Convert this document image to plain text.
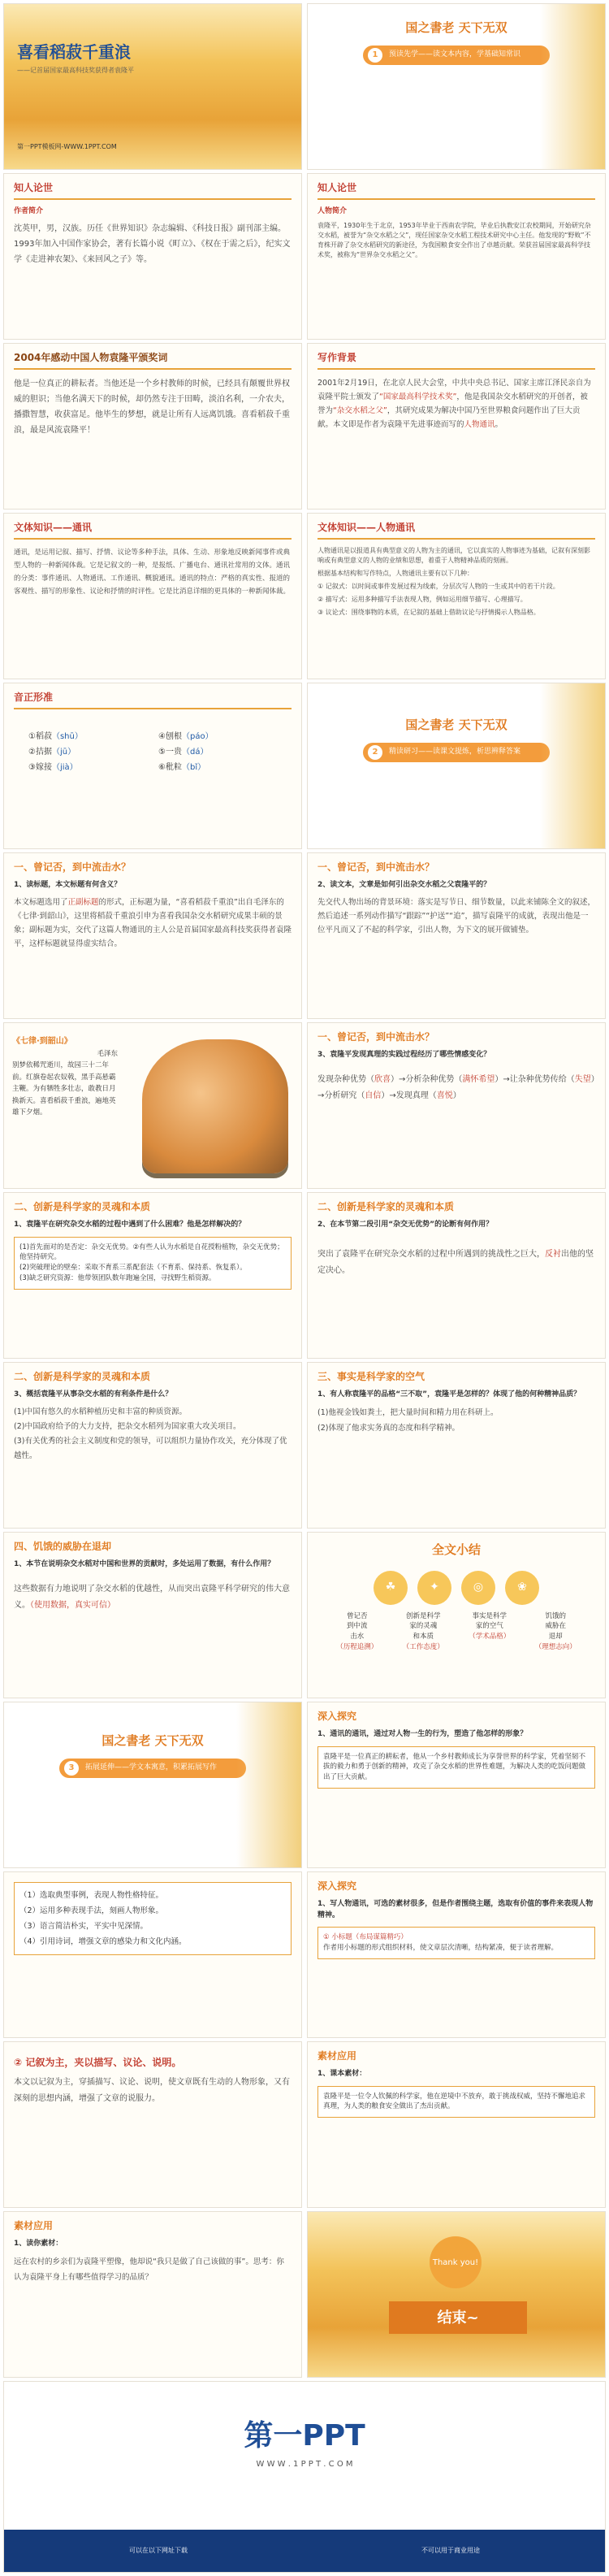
喜看稻菽千重浪
——记首届国家最高科技奖获得者袁隆平
第一PPT模板网-WWW.1PPT.COM
国之書老 天下无双
1	预读先学——读文本内容，学基础知常识
知人论世
作者简介
沈英甲，男，汉族。历任《世界知识》杂志编辑、《科技日报》副刊部主编。1993年加入中国作家协会，著有长篇小说《町立》、《权在于需之后》，纪实文学《走进神农架》、《来回风之子》等。
知人论世
人物简介
袁隆平，1930年生于北京，1953年毕业于西南农学院，毕业后执教安江农校期间，开始研究杂交水稻，被誉为“杂交水稻之父”，现任国家杂交水稻工程技术研究中心主任。他发现的“野败”不育株开辟了杂交水稻研究的新途径，为我国粮食安全作出了卓越贡献。荣获首届国家最高科学技术奖，被称为“世界杂交水稻之父”。
2004年感动中国人物袁隆平颁奖词
他是一位真正的耕耘者。当他还是一个乡村教师的时候，已经具有颠覆世界权威的胆识；当他名满天下的时候，却仍然专注于田畴，淡泊名利，一介农夫，播撒智慧，收获富足。他毕生的梦想，就是让所有人远离饥饿。喜看稻菽千重浪，最是风流袁隆平！
写作背景
2001年2月19日，在北京人民大会堂，中共中央总书记、国家主席江泽民亲自为袁隆平院士颁发了“国家最高科学技术奖”，他是我国杂交水稻研究的开创者，被誉为“杂交水稻之父”，其研究成果为解决中国乃至世界粮食问题作出了巨大贡献。本文即是作者为袁隆平先进事迹而写的人物通讯。
文体知识——通讯
通讯，是运用记叙、描写、抒情、议论等多种手法，具体、生动、形象地反映新闻事件或典型人物的一种新闻体裁。它是记叙文的一种，是报纸、广播电台、通讯社常用的文体。通讯的分类：事件通讯、人物通讯、工作通讯、概貌通讯。通讯的特点：严格的真实性、报道的客观性、描写的形象性、议论和抒情的时评性。它是比消息详细的更具体的一种新闻体裁。
文体知识——人物通讯
人物通讯是以报道具有典型意义的人物为主的通讯，它以真实的人物事迹为基础，记叙有深刻影响或有典型意义的人物的业绩和思想，着重于人物精神品质的刻画。
根据基本结构和写作特点，人物通讯主要有以下几种：
① 记叙式：以时间或事件发展过程为线索，分层次写人物的一生或其中的若干片段。
② 描写式：运用多种描写手法表现人物，例如运用细节描写、心理描写。
③ 议论式：围绕事物的本质，在记叙的基础上借助议论与抒情揭示人物品格。
音正形准
①稻菽（shū）	④刨根（páo）
②拮据（jū）	⑤一贵（dá）
③嫁接（jià）	⑥秕粒（bǐ）
国之書老 天下无双
2	精读研习——读课文提炼，析思辨释答案
一、曾记否，到中流击水？
1、读标题，本文标题有何含义？
本文标题选用了正副标题的形式，正标题为量，“喜看稻菽千重浪”出自毛泽东的《七律·到韶山》，这里将稻菽千重浪引申为喜看我国杂交水稻研究成果丰硕的景象；副标题为实，交代了这篇人物通讯的主人公是首届国家最高科技奖获得者袁隆平，这样标题就显得虚实结合。
一、曾记否，到中流击水？
2、读文本，文章是如何引出杂交水稻之父袁隆平的？
先交代人物出场的背景环境：落实是写节日、细节数量，以此来铺陈全文的叙述，然后追述一系列动作描写“跟踪”“护送”“追”，描写袁隆平的成就，表现出他是一位平凡而又了不起的科学家，引出人物，为下文的展开做铺垫。
《七律·到韶山》
毛泽东
别梦依稀咒逝川，故园三十二年前。红旗卷起农奴戟，黑手高悬霸主鞭。为有牺牲多壮志，敢教日月换新天。喜看稻菽千重浪，遍地英雄下夕烟。
一、曾记否，到中流击水？
3、袁隆平发现真理的实践过程经历了哪些情感变化？
发现杂种优势（欣喜）→分析杂种优势（满怀希望）→让杂种优势传给（失望）→分析研究（自信）→发现真理（喜悦）
二、创新是科学家的灵魂和本质
1、袁隆平在研究杂交水稻的过程中遇到了什么困难？他是怎样解决的？
(1)首先面对的是否定：杂交无优势。②有些人认为水稻是自花授粉植物，杂交无优势；他坚持研究。
(2)突破理论的壁垒：采取不育系三系配套法（不育系、保持系、恢复系）。
(3)缺乏研究资源：他带领团队数年跑遍全国，寻找野生稻资源。
二、创新是科学家的灵魂和本质
2、在本节第二段引用“杂交无优势”的论断有何作用？
突出了袁隆平在研究杂交水稻的过程中所遇到的挑战性之巨大，反衬出他的坚定决心。
二、创新是科学家的灵魂和本质
3、概括袁隆平从事杂交水稻的有利条件是什么？
(1)中国有悠久的水稻种植历史和丰富的种质资源。
(2)中国政府给予的大力支持，把杂交水稻列为国家重大攻关项目。
(3)有关优秀的社会主义制度和党的领导，可以组织力量协作攻关，充分体现了优越性。
三、事实是科学家的空气
1、有人称袁隆平的品格“三不取”，袁隆平是怎样的？体现了他的何种精神品质？
(1)他视金钱如粪土，把大量时间和精力用在科研上。
(2)体现了他求实务真的态度和科学精神。
四、饥饿的威胁在退却
1、本节在说明杂交水稻对中国和世界的贡献时，多处运用了数据，有什么作用？
这些数据有力地说明了杂交水稻的优越性，从而突出袁隆平科学研究的伟大意义。（使用数据，真实可信）
全文小结
☘	✦	◎	❀
曾记否
到中流
击水
（历程追溯）
创新是科学
家的灵魂
和本质
（工作态度）
事实是科学
家的空气
（学术品格）
饥饿的
威胁在
退却
（理想志向）
深入探究
1、通讯的通讯，通过对人物一生的行为，塑造了他怎样的形象？
袁隆平是一位真正的耕耘者，他从一个乡村教师成长为享誉世界的科学家，凭着坚韧不拔的毅力和勇于创新的精神，攻克了杂交水稻的世界性难题，为解决人类的吃饭问题做出了巨大贡献。
国之書老 天下无双
3	拓展延伸——学文本寓意，积累拓展写作
（1）选取典型事例，表现人物性格特征。
（2）运用多种表现手法，刻画人物形象。
（3）语言简洁朴实，平实中见深情。
（4）引用诗词，增强文章的感染力和文化内涵。
深入探究
1、写人物通讯，可选的素材很多，但是作者围绕主题，选取有价值的事件来表现人物精神。
① 小标题（布局谋篇精巧）
作者用小标题的形式组织材料，使文章层次清晰，结构紧凑，便于读者理解。
② 记叙为主，夹以描写、议论、说明。
本文以记叙为主，穿插描写、议论、说明，使文章既有生动的人物形象，又有深刻的思想内涵，增强了文章的说服力。
素材应用
1、课本素材：
袁隆平是一位令人钦佩的科学家，他在逆境中不放弃，敢于挑战权威，坚持不懈地追求真理，为人类的粮食安全做出了杰出贡献。
素材应用
1、读你素材：
远在农村的乡亲们为袁隆平塑像，他却说“我只是做了自己该做的事”。思考：你认为袁隆平身上有哪些值得学习的品质？
Thank you!
结束~
第一PPT
W W W . 1 P P T . C O M
可以在以下网址下载	不可以用于商业用途
